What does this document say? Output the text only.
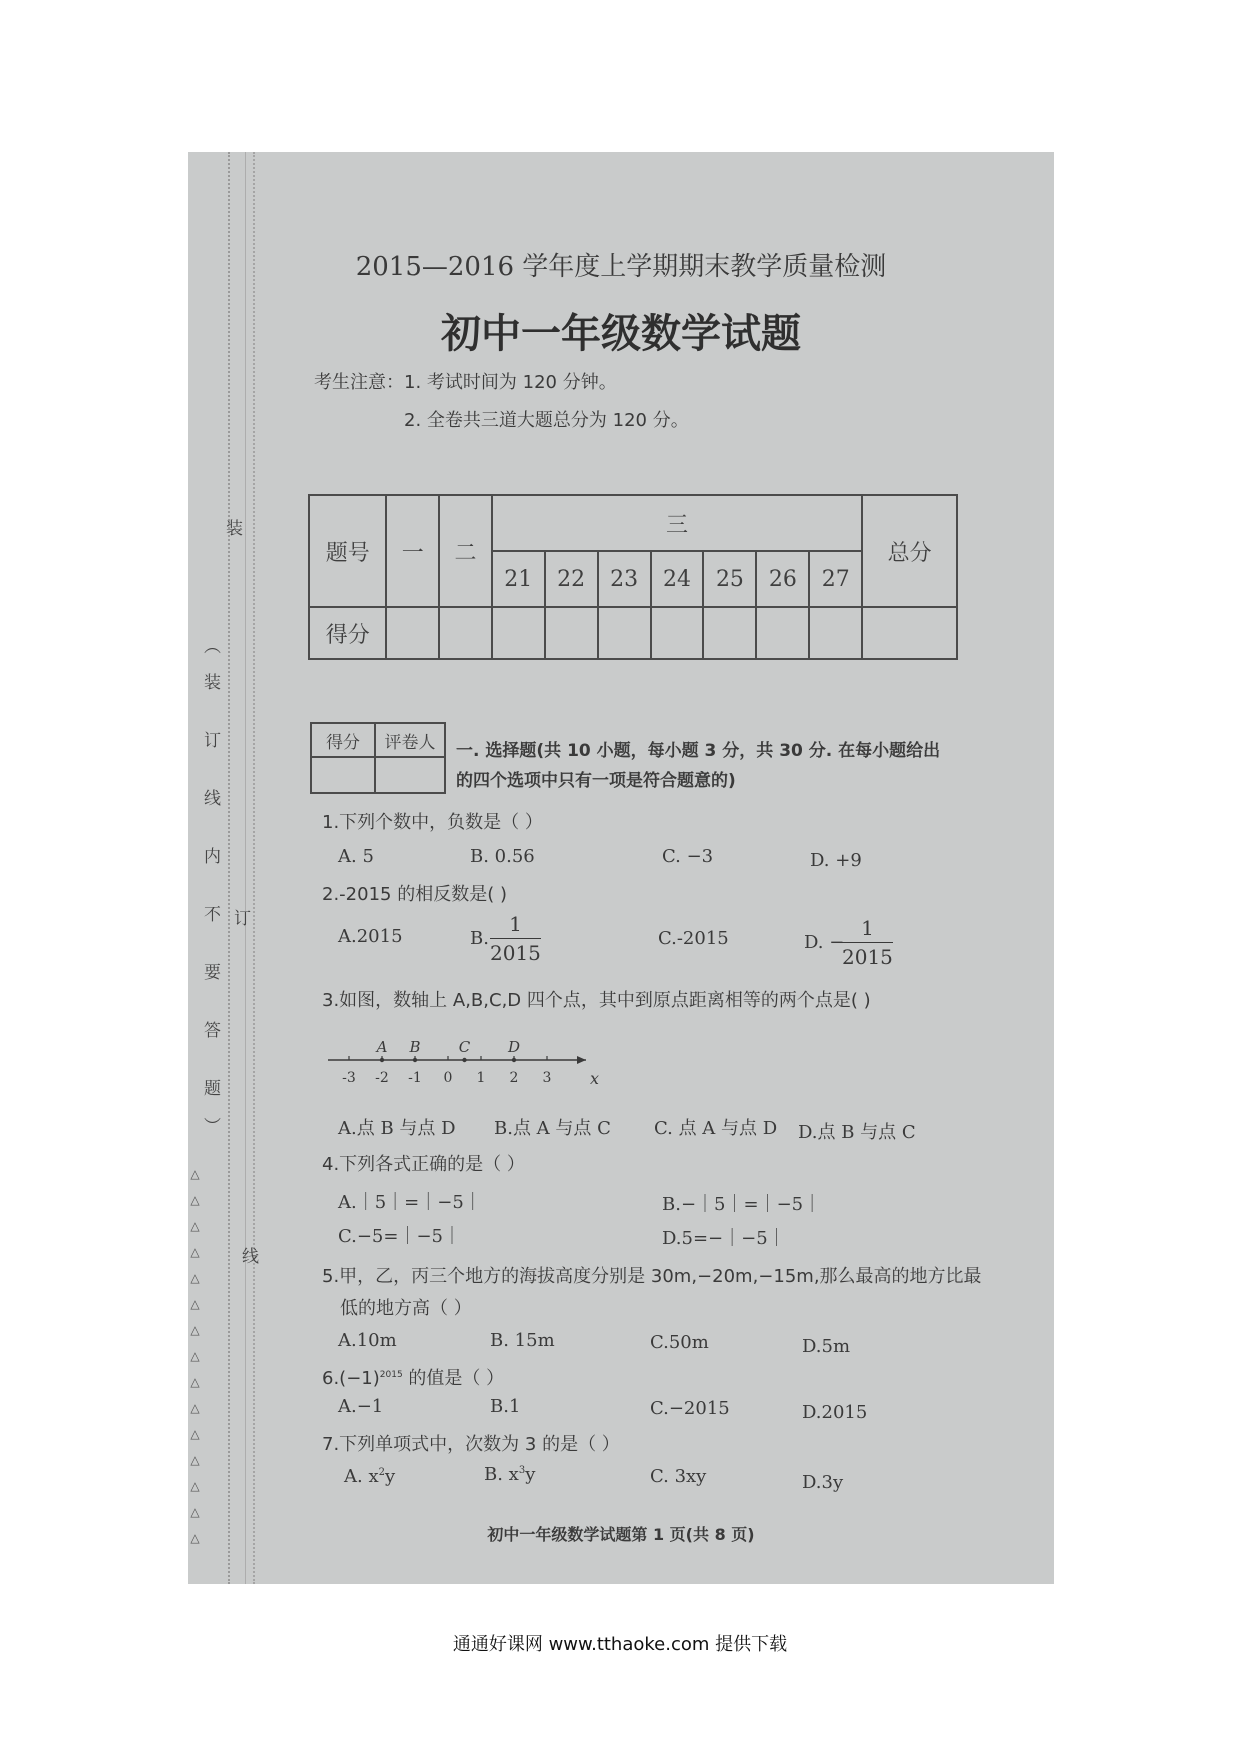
装
订
线
︵
装
订
线
内
不
要
答
题
︶
△
△
△
△
△
△
△
△
△
△
△
△
△
△
△
2015—2016 学年度上学期期末教学质量检测
初中一年级数学试题
考生注意： 1. 考试时间为 120 分钟。
2. 全卷共三道大题总分为 120 分。
题号	一	二	三							总分
			21	22	23	24	25	26	27	
得分										
得分	评卷人
	一. 选择题(共 10 小题，每小题 3 分，共 30 分. 在每小题给出
的四个选项中只有一项是符合题意的)
1.下列个数中，负数是（ ）
A. 5	B. 0.56	C. −3	D. +9
2.-2015 的相反数是( )
A.2015	B.
1
2015
C.-2015	D. −
1
2015
3.如图，数轴上 A,B,C,D 四个点，其中到原点距离相等的两个点是( )
-3 -2 -1 0 1 2 3 x
A B	C	D
A.点 B 与点 D B.点 A 与点 C C. 点 A 与点 D D.点 B 与点 C
4.下列各式正确的是（ ）
A.｜5｜=｜−5｜	B.−｜5｜=｜−5｜
C.−5=｜−5｜	D.5=−｜−5｜
5.甲，乙，丙三个地方的海拔高度分别是 30m,−20m,−15m,那么最高的地方比最
低的地方高（ ）
A.10m	B. 15m	C.50m	D.5m
$6.(-1)^{2015}$ 的值是（ ）
A.−1	B.1	C.−2015	D.2015
7.下列单项式中，次数为 3 的是（ ）
A. $x^2y$	B. $x^3y$	C. 3xy	D.3y
初中一年级数学试题第 1 页(共 8 页)
通通好课网 www.tthaoke.com 提供下载
